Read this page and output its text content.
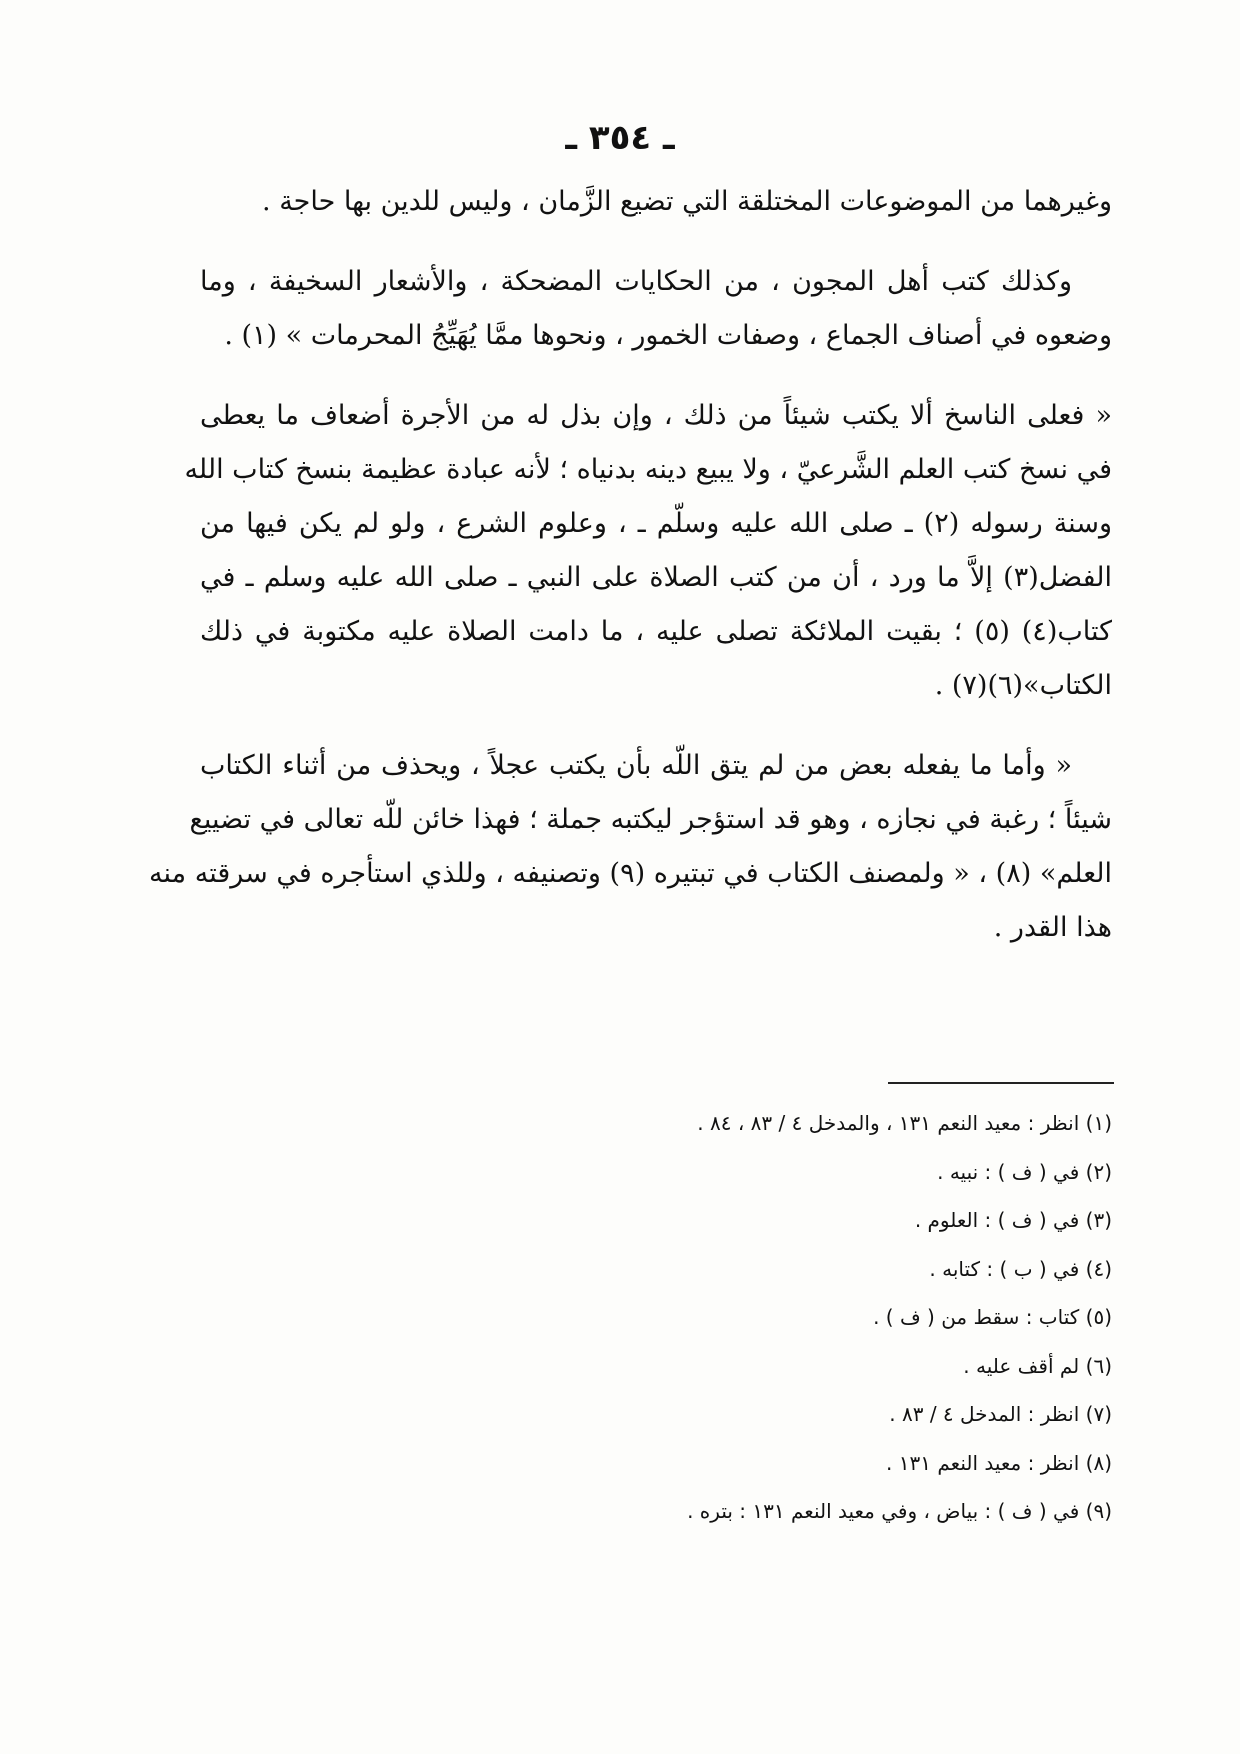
ـ ٣٥٤ ـ

وغيرهما من الموضوعات المختلقة التي تضيع الزَّمان ، وليس للدين بها حاجة .

وكذلك كتب أهل المجون ، من الحكايات المضحكة ، والأشعار السخيفة ، وما
وضعوه في أصناف الجماع ، وصفات الخمور ، ونحوها ممَّا يُهَيِّجُ المحرمات » (١) .

« فعلى الناسخ ألا يكتب شيئاً من ذلك ، وإن بذل له من الأجرة أضعاف ما يعطى
في نسخ كتب العلم الشَّرعيّ ، ولا يبيع دينه بدنياه ؛ لأنه عبادة عظيمة بنسخ كتاب الله
وسنة رسوله (٢) ـ صلى الله عليه وسلّم ـ ، وعلوم الشرع ، ولو لم يكن فيها من
الفضل(٣) إلاَّ ما ورد ، أن من كتب الصلاة على النبي ـ صلى الله عليه وسلم ـ في
كتاب(٤) (٥) ؛ بقيت الملائكة تصلى عليه ، ما دامت الصلاة عليه مكتوبة في ذلك
الكتاب»(٦)(٧) .

« وأما ما يفعله بعض من لم يتق اللّه بأن يكتب عجلاً ، ويحذف من أثناء الكتاب
شيئاً ؛ رغبة في نجازه ، وهو قد استؤجر ليكتبه جملة ؛ فهذا خائن للّه تعالى في تضييع
العلم» (٨) ، « ولمصنف الكتاب في تبتيره (٩) وتصنيفه ، وللذي استأجره في سرقته منه
هذا القدر .

(١) انظر : معيد النعم ١٣١ ، والمدخل ٤ / ٨٣ ، ٨٤ .
(٢) في ( ف ) : نبيه .
(٣) في ( ف ) : العلوم .
(٤) في ( ب ) : كتابه .
(٥) كتاب : سقط من ( ف ) .
(٦) لم أقف عليه .
(٧) انظر : المدخل ٤ / ٨٣ .
(٨) انظر : معيد النعم ١٣١ .
(٩) في ( ف ) : بياض ، وفي معيد النعم ١٣١ : بتره .
